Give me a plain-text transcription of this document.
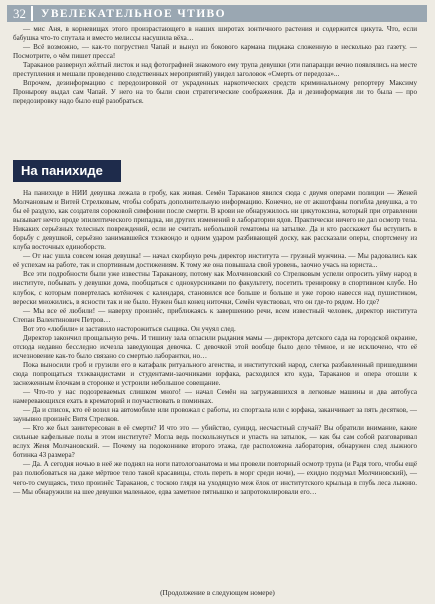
32	УВЕЛЕКАТЕЛЬНОЕ ЧТИВО

— мис Аня, в корневищах этого произрастающего в наших широтах зонтичного растения и содержится цикута. Что, если бабушка что-то спутала и вместо мелиссы насушила вёха…

— Всё возможно, — как-то погрустнел Чапай и вынул из бокового кармана пиджака сложенную в несколько раз газету. — Посмотрите, о чём пишет пресса!

Тараканов развернул жёлтый листок и над фотографией знакомого ему трупа девушки (эти папарацци вечно появлялись на месте преступления и мешали проведению следственных мероприятий) увидел заголовок «Смерть от передоза»...

Впрочем, дезинформацию с передозировкой от украденных наркотических средств криминальному репортеру Максиму Пронырову выдал сам Чапай. У него на то были свои стратегические соображения. Да и дезинформация ли то была — про передозировку надо было ещё разобраться.

На панихиде

На панихиде в НИИ девушка лежала в гробу, как живая. Семён Тараканов явился сюда с двумя операми полиции — Женей Молчановым и Витей Стрелковым, чтобы собрать дополнительную информацию. Конечно, не от акшотфаны погибла девушка, а то бы её раздуло, как создателя сороковой симфонии после смерти. В крови не обнаружилось ни цикутоксина, который при отравлении вызывает нечто вроде эпилептического припадка, ни других изменений в лаборатории ядов. Практически ничего не дал осмотр тела. Никаких серьёзных телесных повреждений, если не считать небольшой гематомы на затылке. Да и кто расскажет бы вступить в борьбу с девушкой, серьёзно занимавшейся тхэквондо и одним ударом разбивающей доску, как рассказали оперы, спортсмену из клуба восточных единоборств.

— От нас ушла совсем юная девушка! — начал скорбную речь директор института — грузный мужчина. — Мы радовались как её успехам на работе, так и спортивным достижениям. К тому же она повышала свой уровень, заочно учась на юриста...

Все эти подробности были уже известны Тараканову, потому как Молчиновский со Стрелковым успели опросить уйму народ в институте, побывать у девушки дома, пообщаться с однокурсниками по факультету, посетить тренировку в спортивном клубе. Но клубок, с которым повертелась котёночек с календаря, становился все больше и больше и уже горою навесся над пушистиком, верески множились, в ясности так и не было. Нужен был конец ниточки, Семён чувствовал, что он где-то рядом. Но где?

— Мы все её любили! — наверху произнёс, приближаясь к завершению речи, всем известный человек, директор института Степан Валентинович Петров…

Вот это «любили» и заставило насторожиться сыщика. Он учуял след.

Директор закончил прощальную речь. И тишину зала огласили рыдания мамы — директора детского сада на городской окраине, отсюда недавно бесследно исчезла заведующая девочка. С девочкой этой вообще было дело тёмное, и не исключено, что её исчезновение как-то было связано со смертью лаборантки, но…

Пока выносили гроб и грузили его в катафалк ритуального агенства, и институтский народ, слегка разбавленный пришедшими сюда попрощаться тхэквандистами и студентами-заочниками юрфака, расходился кто куда, Тараканов и опера отошли к заснеженным ёлочкам в сторонке и устроили небольшое совещание.

— Что-то у нас подозреваемых слишком много! — начал Семён на загружавшихся в легковые машины и два автобуса намеревающихся ехать в крематорий и поучаствовать в поминках.

— Да и список, кто её возил на автомобиле или провожал с работы, из спортзала или с юрфака, заканчивает за пять десятков, — заунывно произнёс Витя Стрелков.

— Кто же был заинтересован в её смерти? И что это — убийство, суицид, несчастный случай? Вы обратили внимание, какие сильные кафельные полы в этом институте? Могла ведь поскользнуться и упасть на затылок, — как бы сам собой разговаривал вслух Женя Молчановский. — Почему на подоконнике второго этажа, где расположена лаборатория, обнаружен след лыжного ботинка 43 размера?

— Да. А сегодня ночью в неё же поднял на ноги патологоанатома и мы провели повторный осмотр трупа (и Радя того, чтобы ещё раз полюбоваться на даже мёртвое тело такой красавицы, столь переть в морг среди ночи), — ехидно подумал Молчиновский), — чего-то смущаясь, тихо произнёс Тараканов, с тоскою глядя на уходящую меж ёлок от институтского крыльца в глубь леса лыжню. — Мы обнаружили на шее девушки маленькое, едва заметное пятнышко и запротоколировали его…

(Продолжение в следующем номере)
